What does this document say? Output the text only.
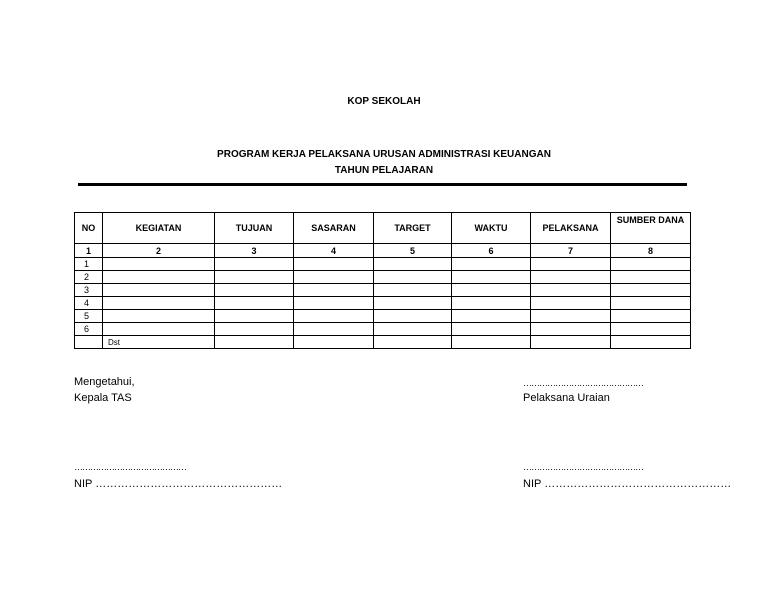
KOP SEKOLAH
PROGRAM KERJA PELAKSANA URUSAN ADMINISTRASI KEUANGAN
TAHUN PELAJARAN
NO	KEGIATAN	TUJUAN	SASARAN	TARGET	WAKTU	PELAKSANA	SUMBER DANA
1	2	3	4	5	6	7	8
1							
2							
3							
4							
5							
6							
	Dst						
Mengetahui,
Kepala TAS
……………………………………
NIP ……………………………………………
………………………………………
Pelaksana Uraian
………………………………………
NIP ……………………………………………
